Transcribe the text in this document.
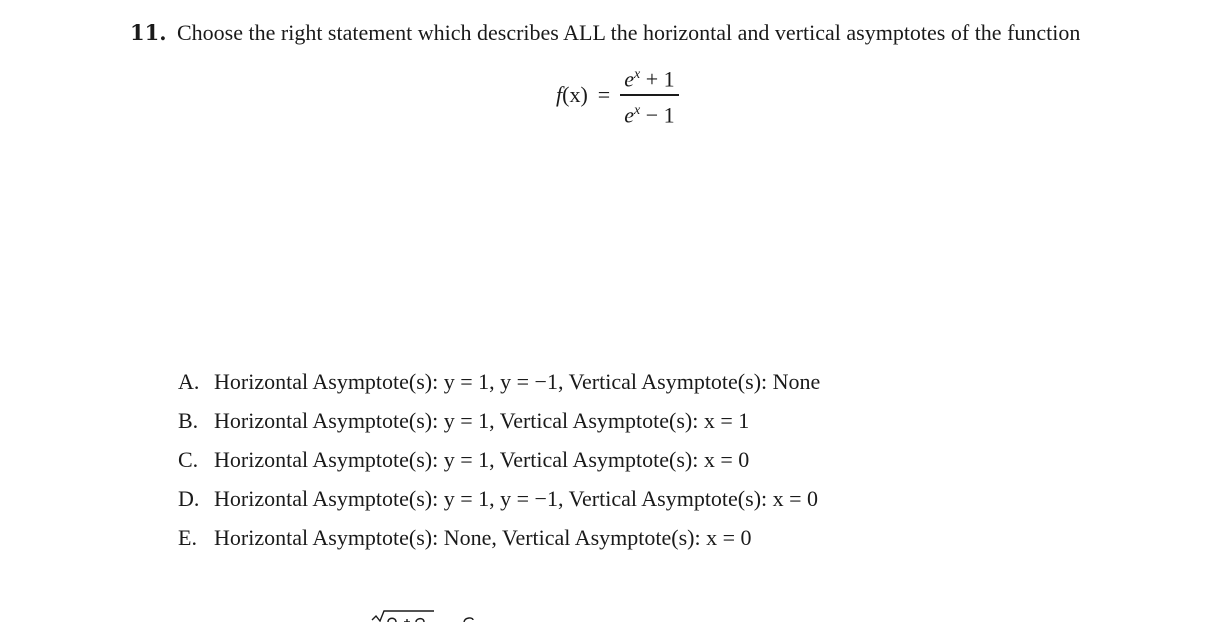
11. Choose the right statement which describes ALL the horizontal and vertical asymptotes of the function
$f(x) = \frac{e^x + 1}{e^x - 1}$
A. Horizontal Asymptote(s): y = 1, y = −1, Vertical Asymptote(s): None
B. Horizontal Asymptote(s): y = 1, Vertical Asymptote(s): x = 1
C. Horizontal Asymptote(s): y = 1, Vertical Asymptote(s): x = 0
D. Horizontal Asymptote(s): y = 1, y = −1, Vertical Asymptote(s): x = 0
E. Horizontal Asymptote(s): None, Vertical Asymptote(s): x = 0
